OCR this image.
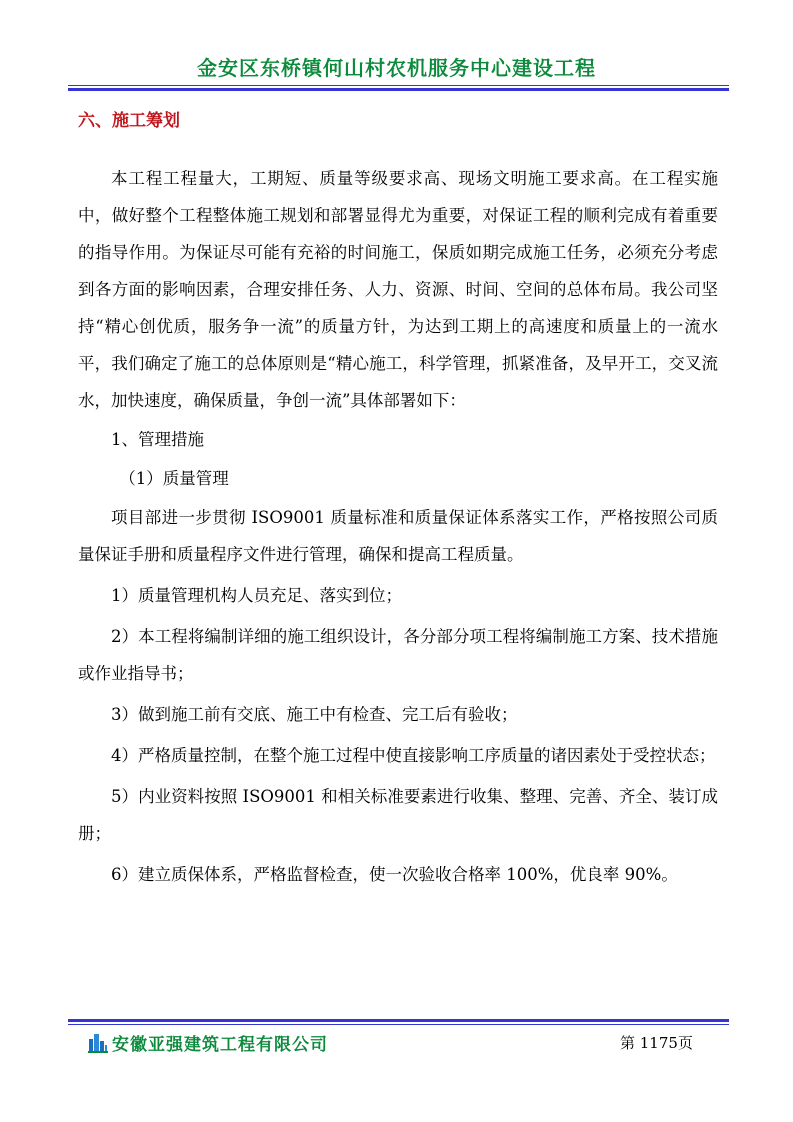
金安区东桥镇何山村农机服务中心建设工程
六、施工筹划

本工程工程量大，工期短、质量等级要求高、现场文明施工要求高。在工程实施中，做好整个工程整体施工规划和部署显得尤为重要，对保证工程的顺利完成有着重要的指导作用。为保证尽可能有充裕的时间施工，保质如期完成施工任务，必须充分考虑到各方面的影响因素，合理安排任务、人力、资源、时间、空间的总体布局。我公司坚持“精心创优质，服务争一流”的质量方针，为达到工期上的高速度和质量上的一流水平，我们确定了施工的总体原则是“精心施工，科学管理，抓紧准备，及早开工，交叉流水，加快速度，确保质量，争创一流”具体部署如下：

1、管理措施

（1）质量管理

项目部进一步贯彻 ISO9001 质量标准和质量保证体系落实工作，严格按照公司质量保证手册和质量程序文件进行管理，确保和提高工程质量。

1）质量管理机构人员充足、落实到位；

2）本工程将编制详细的施工组织设计，各分部分项工程将编制施工方案、技术措施或作业指导书；

3）做到施工前有交底、施工中有检查、完工后有验收；

4）严格质量控制，在整个施工过程中使直接影响工序质量的诸因素处于受控状态；

5）内业资料按照 ISO9001 和相关标准要素进行收集、整理、完善、齐全、装订成册；

6）建立质保体系，严格监督检查，使一次验收合格率 100%，优良率 90%。

安徽亚强建筑工程有限公司	第 1175页
